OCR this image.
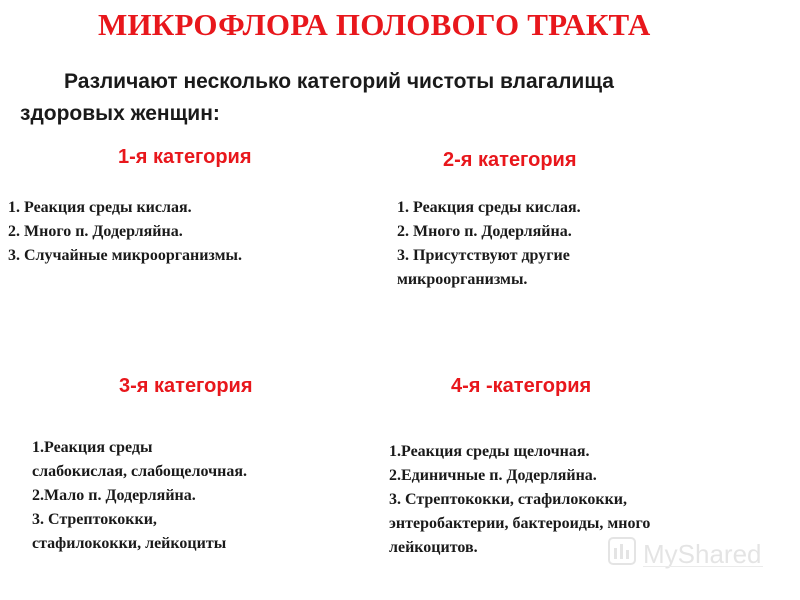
МИКРОФЛОРА ПОЛОВОГО ТРАКТА
Различают несколько категорий чистоты влагалища
здоровых женщин:
1-я категория
1. Реакция среды кислая.
2. Много п. Додерляйна.
3. Случайные микроорганизмы.
2-я категория
1. Реакция среды кислая.
2. Много п. Додерляйна.
3. Присутствуют другие
микроорганизмы.
3-я категория
1.Реакция среды
слабокислая, слабощелочная.
2.Мало п. Додерляйна.
3. Стрептококки,
стафилококки, лейкоциты
4-я -категория
1.Реакция среды щелочная.
2.Единичные п. Додерляйна.
3. Стрептококки, стафилококки,
энтеробактерии, бактероиды, много
лейкоцитов.	MyShared
